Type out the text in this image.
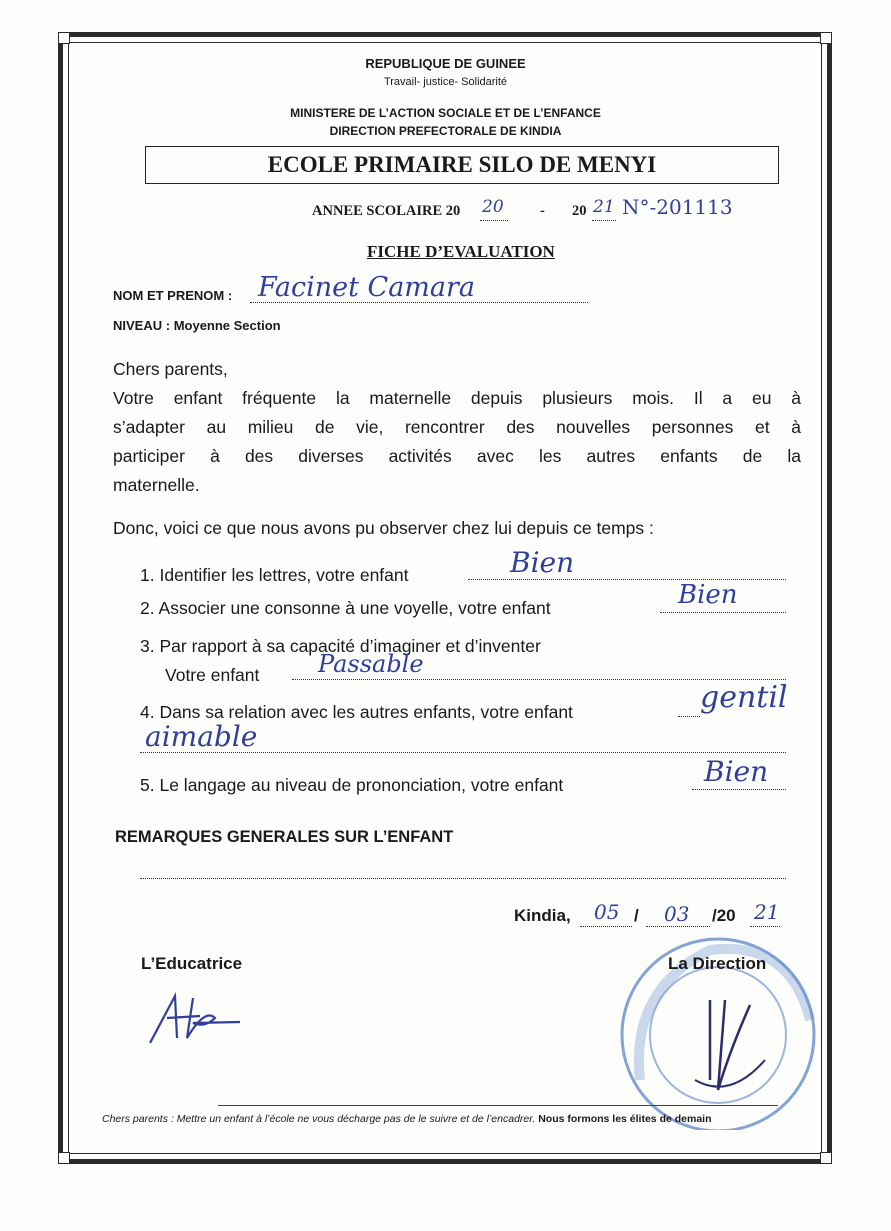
REPUBLIQUE DE GUINEE
Travail- justice- Solidarité
MINISTERE DE L’ACTION SOCIALE ET DE L’ENFANCE
DIRECTION PREFECTORALE DE KINDIA
ECOLE PRIMAIRE SILO DE MENYI
ANNEE SCOLAIRE 20 20	- 20 21 N°-201113
FICHE D’EVALUATION
NOM ET PRENOM : Facinet Camara
NIVEAU : Moyenne Section
Chers parents,
Votre enfant fréquente la maternelle depuis plusieurs mois. Il a eu à
s’adapter au milieu de vie, rencontrer des nouvelles personnes et à
participer à des diverses activités avec les autres enfants de la
maternelle.
Donc, voici ce que nous avons pu observer chez lui depuis ce temps :
1. Identifier les lettres, votre enfant	Bien
2. Associer une consonne à une voyelle, votre enfant	Bien
3. Par rapport à sa capacité d’imaginer et d’inventer
Votre enfant Passable
4. Dans sa relation avec les autres enfants, votre enfant	gentil
aimable
5. Le langage au niveau de prononciation, votre enfant	Bien
REMARQUES GENERALES SUR L’ENFANT
Kindia, 05 / 03 /20 21
L’Educatrice	La Direction
Chers parents : Mettre un enfant à l’école ne vous décharge pas de le suivre et de l’encadrer. Nous formons les élites de demain
